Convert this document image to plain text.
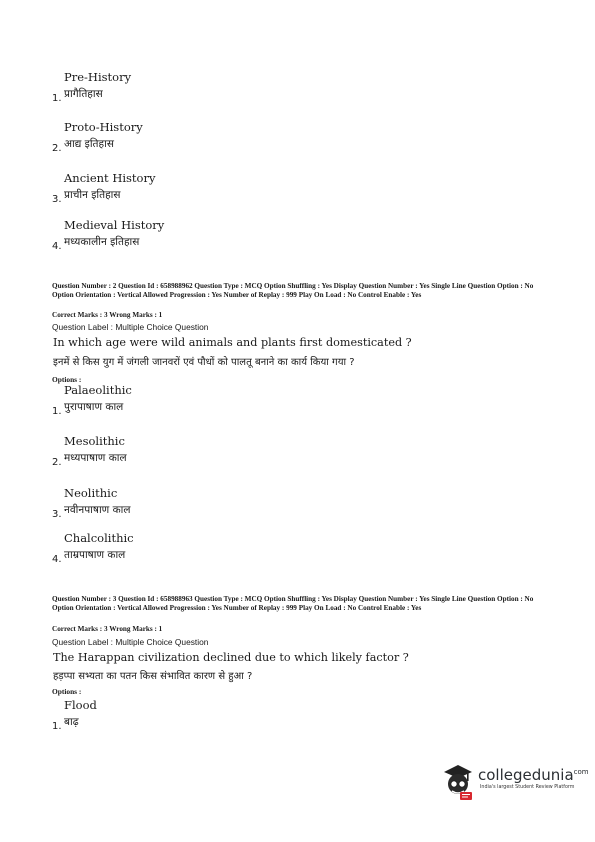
Pre-History
प्रागैतिहास
1.
Proto-History
आद्य इतिहास
2.
Ancient History
प्राचीन इतिहास
3.
Medieval History
मध्यकालीन इतिहास
4.
Question Number : 2 Question Id : 658988962 Question Type : MCQ Option Shuffling : Yes Display Question Number : Yes Single Line Question Option : No Option Orientation : Vertical Allowed Progression : Yes Number of Replay : 999 Play On Load : No Control Enable : Yes
Correct Marks : 3 Wrong Marks : 1
Question Label : Multiple Choice Question
In which age were wild animals and plants first domesticated ?
इनमें से किस युग में जंगली जानवरों एवं पौधों को पालतू बनाने का कार्य किया गया ?
Options :
Palaeolithic
पुरापाषाण काल
1.
Mesolithic
मध्यपाषाण काल
2.
Neolithic
नवीनपाषाण काल
3.
Chalcolithic
ताम्रपाषाण काल
4.
Question Number : 3 Question Id : 658988963 Question Type : MCQ Option Shuffling : Yes Display Question Number : Yes Single Line Question Option : No Option Orientation : Vertical Allowed Progression : Yes Number of Replay : 999 Play On Load : No Control Enable : Yes
Correct Marks : 3 Wrong Marks : 1
Question Label : Multiple Choice Question
The Harappan civilization declined due to which likely factor ?
हड़प्पा सभ्यता का पतन किस संभावित कारण से हुआ ?
Options :
Flood
बाढ़
1.
collegedunia$^{com}$
India's largest Student Review Platform
